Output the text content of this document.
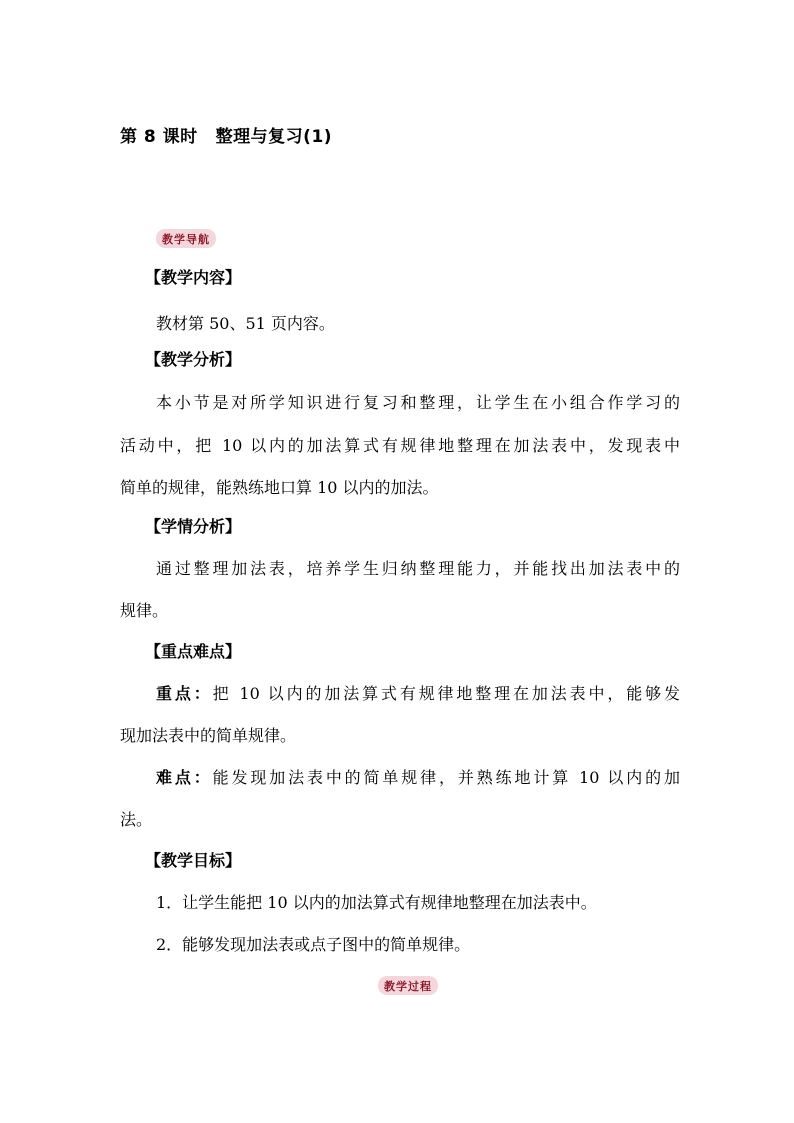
第 8 课时 整理与复习(1)
教学导航
【教学内容】
教材第 50、51 页内容。
【教学分析】
本小节是对所学知识进行复习和整理，让学生在小组合作学习的
活动中，把 10 以内的加法算式有规律地整理在加法表中，发现表中
简单的规律，能熟练地口算 10 以内的加法。
【学情分析】
通过整理加法表，培养学生归纳整理能力，并能找出加法表中的
规律。
【重点难点】
重点：把 10 以内的加法算式有规律地整理在加法表中，能够发
现加法表中的简单规律。
难点：能发现加法表中的简单规律，并熟练地计算 10 以内的加
法。
【教学目标】
1．让学生能把 10 以内的加法算式有规律地整理在加法表中。
2．能够发现加法表或点子图中的简单规律。
教学过程
